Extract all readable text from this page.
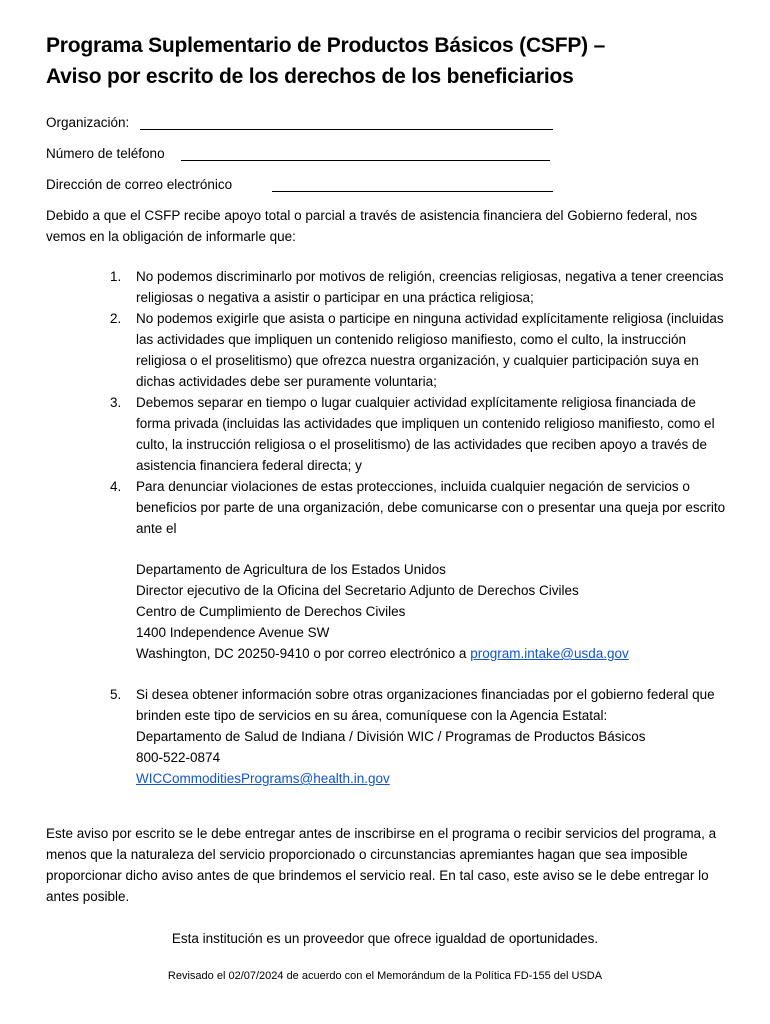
Programa Suplementario de Productos Básicos (CSFP) –
Aviso por escrito de los derechos de los beneficiarios
Organización:
Número de teléfono
Dirección de correo electrónico
Debido a que el CSFP recibe apoyo total o parcial a través de asistencia financiera del Gobierno federal, nos vemos en la obligación de informarle que:
1. No podemos discriminarlo por motivos de religión, creencias religiosas, negativa a tener creencias religiosas o negativa a asistir o participar en una práctica religiosa;
2. No podemos exigirle que asista o participe en ninguna actividad explícitamente religiosa (incluidas las actividades que impliquen un contenido religioso manifiesto, como el culto, la instrucción religiosa o el proselitismo) que ofrezca nuestra organización, y cualquier participación suya en dichas actividades debe ser puramente voluntaria;
3. Debemos separar en tiempo o lugar cualquier actividad explícitamente religiosa financiada de forma privada (incluidas las actividades que impliquen un contenido religioso manifiesto, como el culto, la instrucción religiosa o el proselitismo) de las actividades que reciben apoyo a través de asistencia financiera federal directa; y
4. Para denunciar violaciones de estas protecciones, incluida cualquier negación de servicios o beneficios por parte de una organización, debe comunicarse con o presentar una queja por escrito ante el
Departamento de Agricultura de los Estados Unidos
Director ejecutivo de la Oficina del Secretario Adjunto de Derechos Civiles
Centro de Cumplimiento de Derechos Civiles
1400 Independence Avenue SW
Washington, DC 20250-9410 o por correo electrónico a program.intake@usda.gov
5. Si desea obtener información sobre otras organizaciones financiadas por el gobierno federal que brinden este tipo de servicios en su área, comuníquese con la Agencia Estatal:
Departamento de Salud de Indiana / División WIC / Programas de Productos Básicos
800-522-0874
WICCommoditiesPrograms@health.in.gov
Este aviso por escrito se le debe entregar antes de inscribirse en el programa o recibir servicios del programa, a menos que la naturaleza del servicio proporcionado o circunstancias apremiantes hagan que sea imposible proporcionar dicho aviso antes de que brindemos el servicio real. En tal caso, este aviso se le debe entregar lo antes posible.
Esta institución es un proveedor que ofrece igualdad de oportunidades.
Revisado el 02/07/2024 de acuerdo con el Memorándum de la Política FD-155 del USDA
